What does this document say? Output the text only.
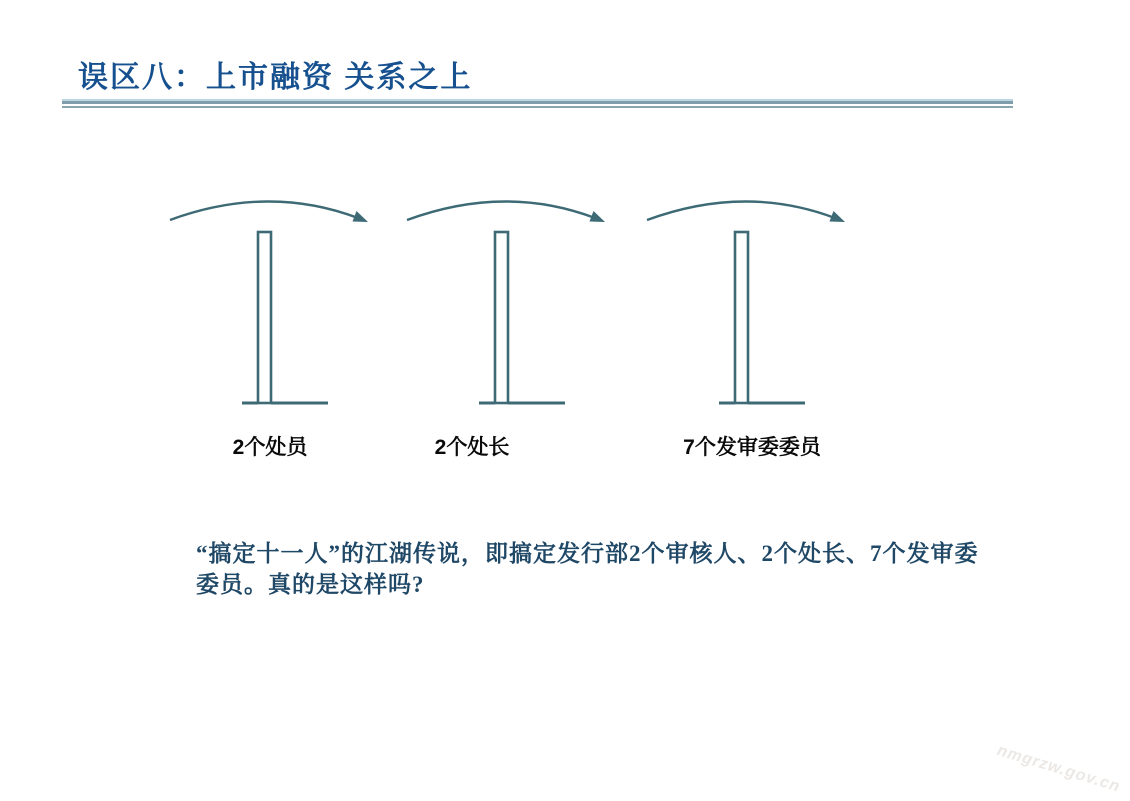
误区八：上市融资 关系之上
2个处员	2个处长	7个发审委委员
“搞定十一人”的江湖传说，即搞定发行部2个审核人、2个处长、7个发审委
委员。真的是这样吗?
nmgrzw.gov.cn
